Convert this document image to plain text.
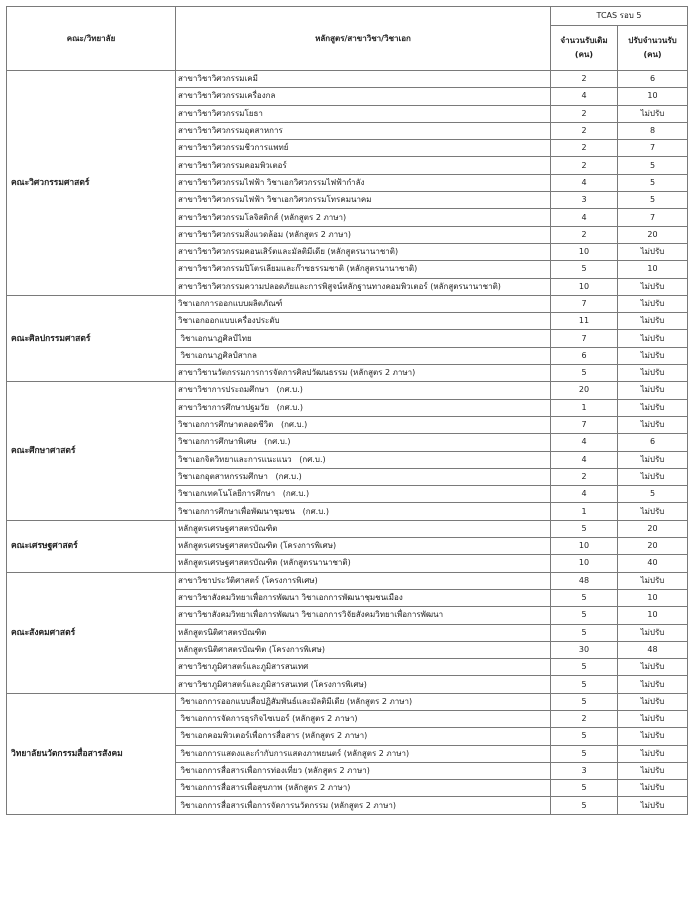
คณะ/วิทยาลัย	หลักสูตร/สาขาวิชา/วิชาเอก	TCAS รอบ 5	
		จำนวนรับเดิม (คน)	ปรับจำนวนรับ (คน)
คณะวิศวกรรมศาสตร์	สาขาวิชาวิศวกรรมเคมี	2	6
	สาขาวิชาวิศวกรรมเครื่องกล	4	10
	สาขาวิชาวิศวกรรมโยธา	2	ไม่ปรับ
	สาขาวิชาวิศวกรรมอุตสาหการ	2	8
	สาขาวิชาวิศวกรรมชีวการแพทย์	2	7
	สาขาวิชาวิศวกรรมคอมพิวเตอร์	2	5
	สาขาวิชาวิศวกรรมไฟฟ้า วิชาเอกวิศวกรรมไฟฟ้ากำลัง	4	5
	สาขาวิชาวิศวกรรมไฟฟ้า วิชาเอกวิศวกรรมโทรคมนาคม	3	5
	สาขาวิชาวิศวกรรมโลจิสติกส์ (หลักสูตร 2 ภาษา)	4	7
	สาขาวิชาวิศวกรรมสิ่งแวดล้อม (หลักสูตร 2 ภาษา)	2	20
	สาขาวิชาวิศวกรรมคอนเสิร์ตและมัลติมีเดีย (หลักสูตรนานาชาติ)	10	ไม่ปรับ
	สาขาวิชาวิศวกรรมปิโตรเลียมและก๊าซธรรมชาติ (หลักสูตรนานาชาติ)	5	10
	สาขาวิชาวิศวกรรมความปลอดภัยและการพิสูจน์หลักฐานทางคอมพิวเตอร์ (หลักสูตรนานาชาติ)	10	ไม่ปรับ
คณะศิลปกรรมศาสตร์	วิชาเอกการออกแบบผลิตภัณฑ์	7	ไม่ปรับ
	วิชาเอกออกแบบเครื่องประดับ	11	ไม่ปรับ
	วิชาเอกนาฏศิลป์ไทย	7	ไม่ปรับ
	วิชาเอกนาฏศิลป์สากล	6	ไม่ปรับ
	สาขาวิชานวัตกรรมการการจัดการศิลปวัฒนธรรม (หลักสูตร 2 ภาษา)	5	ไม่ปรับ
คณะศึกษาศาสตร์	สาขาวิชาการประถมศึกษา   (กศ.บ.)	20	ไม่ปรับ
	สาขาวิชาการศึกษาปฐมวัย   (กศ.บ.)	1	ไม่ปรับ
	วิชาเอกการศึกษาตลอดชีวิต   (กศ.บ.)	7	ไม่ปรับ
	วิชาเอกการศึกษาพิเศษ   (กศ.บ.)	4	6
	วิชาเอกจิตวิทยาและการแนะแนว   (กศ.บ.)	4	ไม่ปรับ
	วิชาเอกอุตสาหกรรมศึกษา   (กศ.บ.)	2	ไม่ปรับ
	วิชาเอกเทคโนโลยีการศึกษา   (กศ.บ.)	4	5
	วิชาเอกการศึกษาเพื่อพัฒนาชุมชน   (กศ.บ.)	1	ไม่ปรับ
คณะเศรษฐศาสตร์	หลักสูตรเศรษฐศาสตรบัณฑิต	5	20
	หลักสูตรเศรษฐศาสตรบัณฑิต (โครงการพิเศษ)	10	20
	หลักสูตรเศรษฐศาสตรบัณฑิต (หลักสูตรนานาชาติ)	10	40
คณะสังคมศาสตร์	สาขาวิชาประวัติศาสตร์ (โครงการพิเศษ)	48	ไม่ปรับ
	สาขาวิชาสังคมวิทยาเพื่อการพัฒนา วิชาเอกการพัฒนาชุมชนเมือง	5	10
	สาขาวิชาสังคมวิทยาเพื่อการพัฒนา วิชาเอกการวิจัยสังคมวิทยาเพื่อการพัฒนา	5	10
	หลักสูตรนิติศาสตรบัณฑิต	5	ไม่ปรับ
	หลักสูตรนิติศาสตรบัณฑิต (โครงการพิเศษ)	30	48
	สาขาวิชาภูมิศาสตร์และภูมิสารสนเทศ	5	ไม่ปรับ
	สาขาวิชาภูมิศาสตร์และภูมิสารสนเทศ (โครงการพิเศษ)	5	ไม่ปรับ
วิทยาลัยนวัตกรรมสื่อสารสังคม	วิชาเอกการออกแบบสื่อปฏิสัมพันธ์และมัลติมีเดีย (หลักสูตร 2 ภาษา)	5	ไม่ปรับ
	วิชาเอกการจัดการธุรกิจไซเบอร์ (หลักสูตร 2 ภาษา)	2	ไม่ปรับ
	วิชาเอกคอมพิวเตอร์เพื่อการสื่อสาร (หลักสูตร 2 ภาษา)	5	ไม่ปรับ
	วิชาเอกการแสดงและกำกับการแสดงภาพยนตร์ (หลักสูตร 2 ภาษา)	5	ไม่ปรับ
	วิชาเอกการสื่อสารเพื่อการท่องเที่ยว (หลักสูตร 2 ภาษา)	3	ไม่ปรับ
	วิชาเอกการสื่อสารเพื่อสุขภาพ (หลักสูตร 2 ภาษา)	5	ไม่ปรับ
	วิชาเอกการสื่อสารเพื่อการจัดการนวัตกรรม (หลักสูตร 2 ภาษา)	5	ไม่ปรับ
